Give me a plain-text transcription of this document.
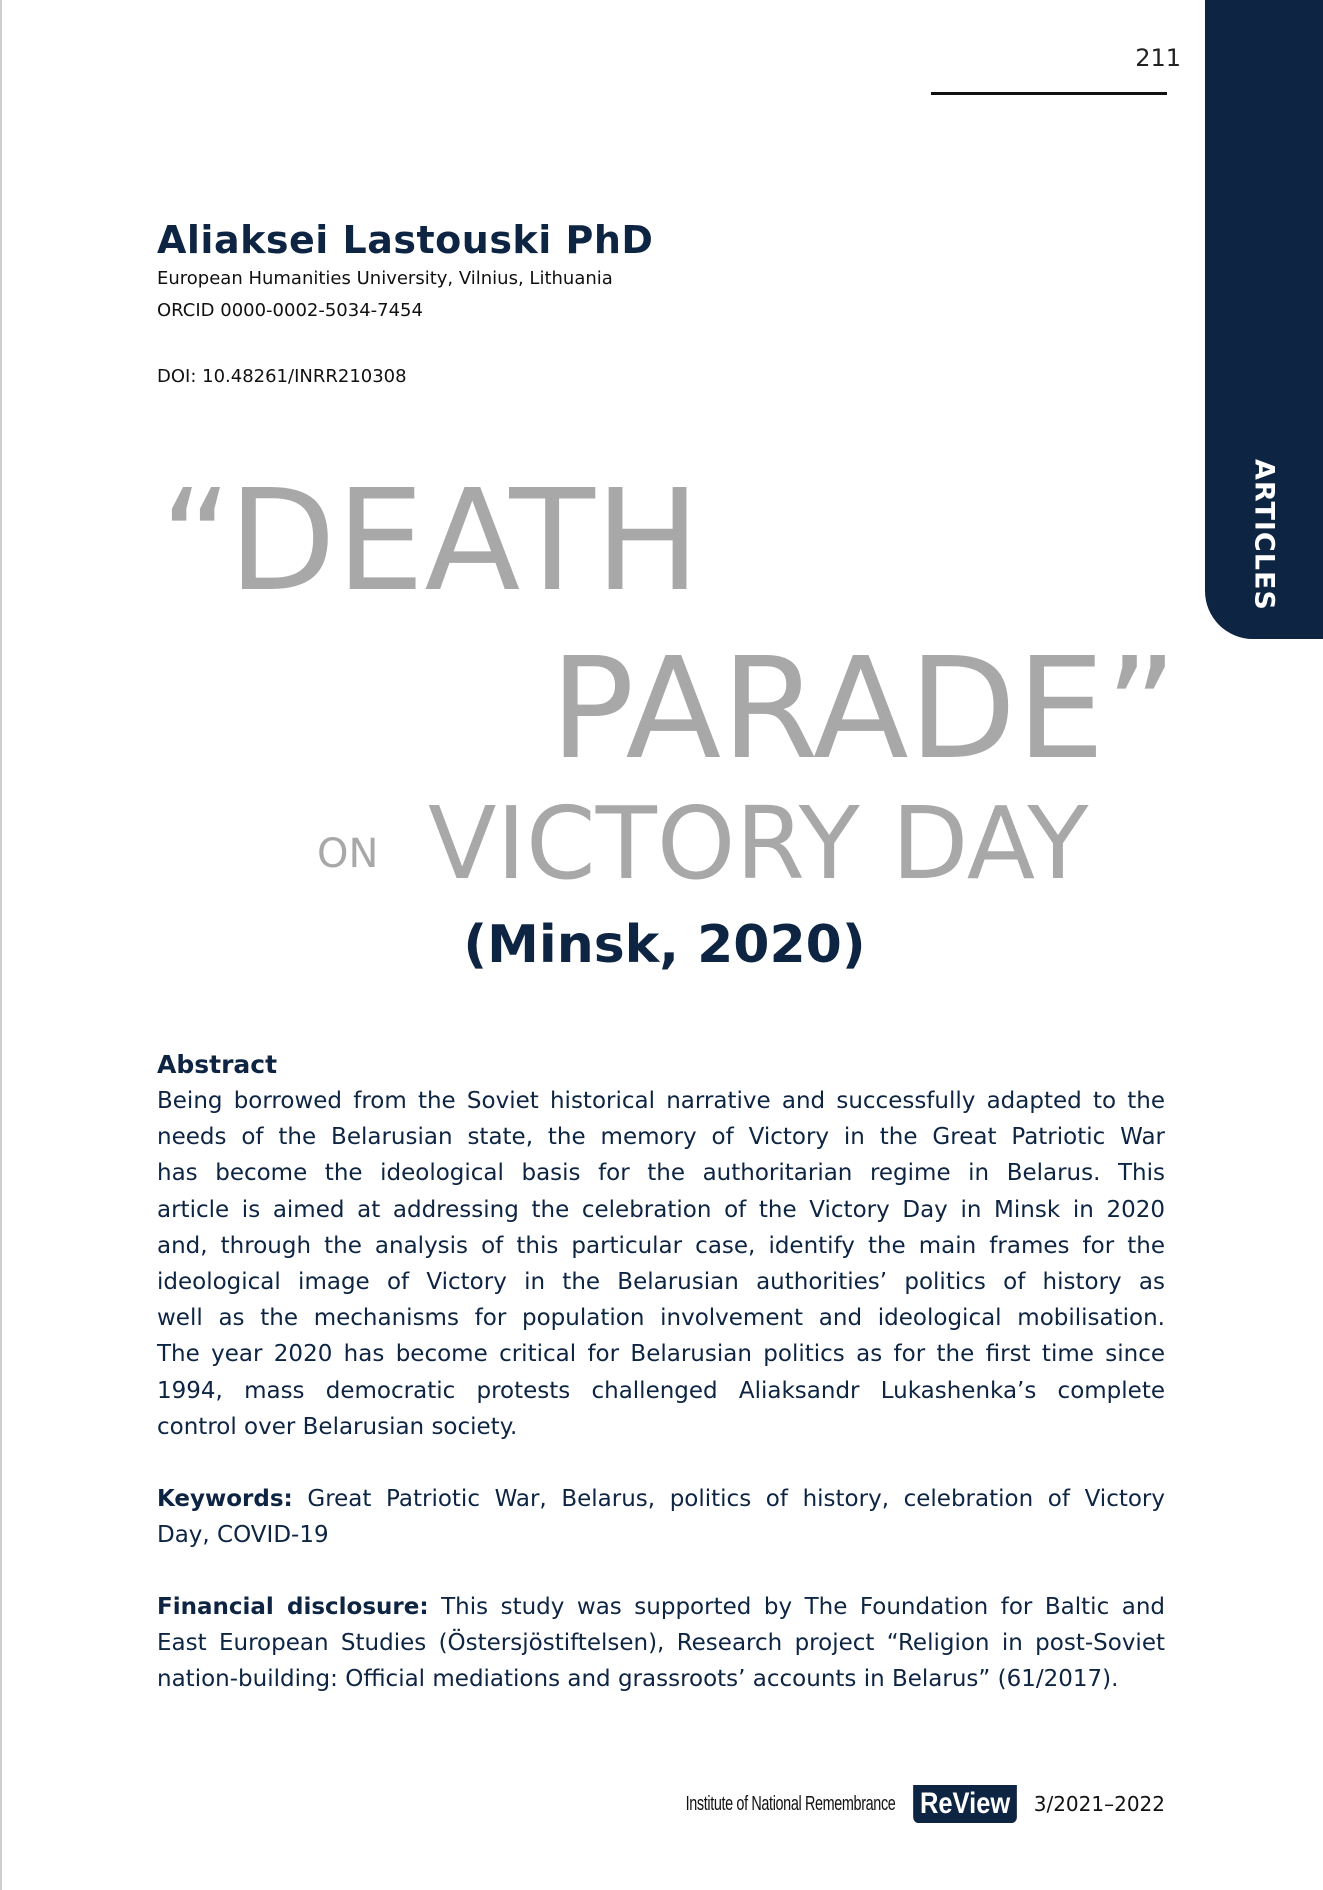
ARTICLES
211
Aliaksei Lastouski PhD
European Humanities University, Vilnius, Lithuania
ORCID 0000-0002-5034-7454
DOI: 10.48261/INRR210308
“DEATH
PARADE”
ON VICTORY DAY
(Minsk, 2020)
Abstract
Being borrowed from the Soviet historical narrative and successfully adapted to the
needs of the Belarusian state, the memory of Victory in the Great Patriotic War
has become the ideological basis for the authoritarian regime in Belarus. This
article is aimed at addressing the celebration of the Victory Day in Minsk in 2020
and, through the analysis of this particular case, identify the main frames for the
ideological image of Victory in the Belarusian authorities’ politics of history as
well as the mechanisms for population involvement and ideological mobilisation.
The year 2020 has become critical for Belarusian politics as for the first time since
1994, mass democratic protests challenged Aliaksandr Lukashenka’s complete
control over Belarusian society.
Keywords: Great Patriotic War, Belarus, politics of history, celebration of Victory
Day, COVID-19
Financial disclosure: This study was supported by The Foundation for Baltic and
East European Studies (Östersjöstiftelsen), Research project “Religion in post-Soviet
nation-building: Official mediations and grassroots’ accounts in Belarus” (61/2017).
Institute of National Remembrance ReView	3/2021–2022
